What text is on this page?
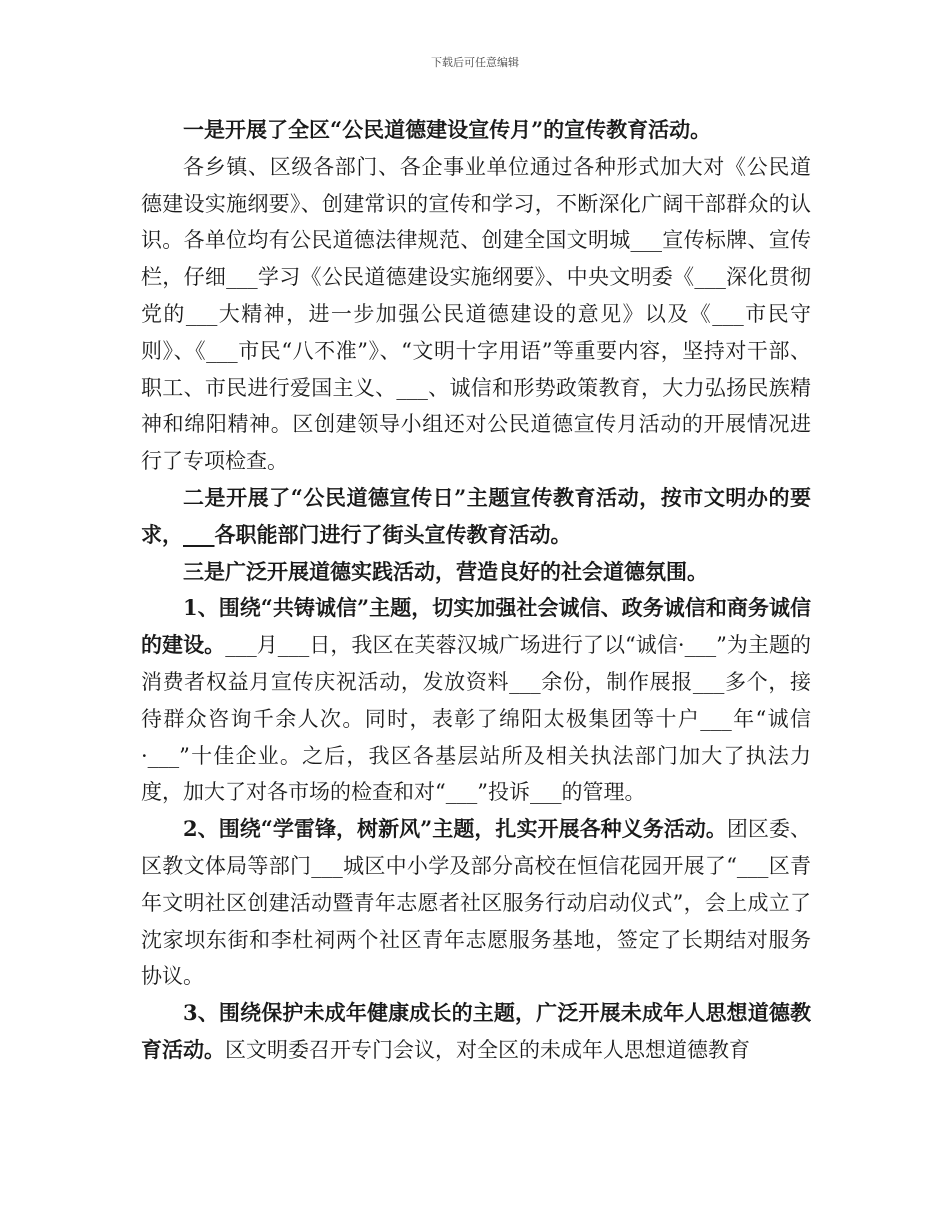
下载后可任意编辑

一是开展了全区“公民道德建设宣传月”的宣传教育活动。

各乡镇、区级各部门、各企事业单位通过各种形式加大对《公民道德建设实施纲要》、创建常识的宣传和学习，不断深化广阔干部群众的认识。各单位均有公民道德法律规范、创建全国文明城___宣传标牌、宣传栏，仔细___学习《公民道德建设实施纲要》、中央文明委《___深化贯彻党的___大精神，进一步加强公民道德建设的意见》以及《___市民守则》、《___市民“八不准”》、“文明十字用语”等重要内容，坚持对干部、职工、市民进行爱国主义、___、诚信和形势政策教育，大力弘扬民族精神和绵阳精神。区创建领导小组还对公民道德宣传月活动的开展情况进行了专项检查。

二是开展了“公民道德宣传日”主题宣传教育活动，按市文明办的要求，___各职能部门进行了街头宣传教育活动。

三是广泛开展道德实践活动，营造良好的社会道德氛围。

1、围绕“共铸诚信”主题，切实加强社会诚信、政务诚信和商务诚信的建设。___月___日，我区在芙蓉汉城广场进行了以“诚信·___”为主题的消费者权益月宣传庆祝活动，发放资料___余份，制作展报___多个，接待群众咨询千余人次。同时，表彰了绵阳太极集团等十户___年“诚信·___”十佳企业。之后，我区各基层站所及相关执法部门加大了执法力度，加大了对各市场的检查和对“___”投诉___的管理。

2、围绕“学雷锋，树新风”主题，扎实开展各种义务活动。团区委、区教文体局等部门___城区中小学及部分高校在恒信花园开展了“___区青年文明社区创建活动暨青年志愿者社区服务行动启动仪式”，会上成立了沈家坝东街和李杜祠两个社区青年志愿服务基地，签定了长期结对服务协议。

3、围绕保护未成年健康成长的主题，广泛开展未成年人思想道德教育活动。区文明委召开专门会议，对全区的未成年人思想道德教育
